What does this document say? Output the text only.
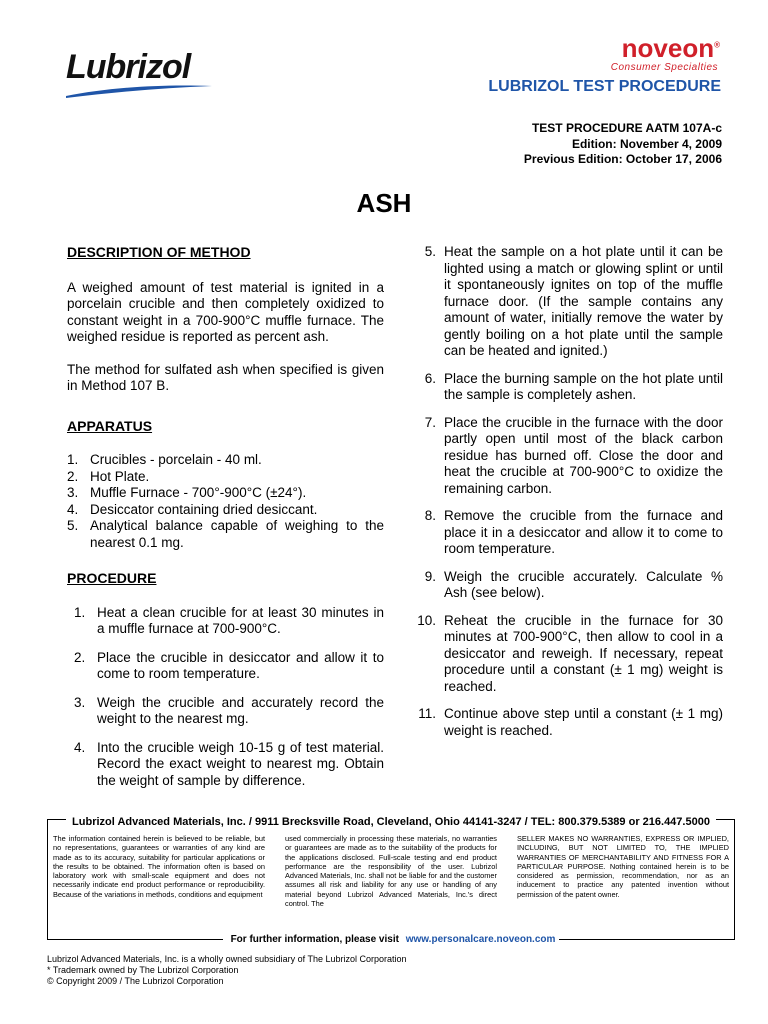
Lubrizol	noveon®
Consumer Specialties
LUBRIZOL TEST PROCEDURE
TEST PROCEDURE AATM 107A-c
Edition: November 4, 2009
Previous Edition: October 17, 2006
ASH
DESCRIPTION OF METHOD

A weighed amount of test material is ignited in a porcelain crucible and then completely oxidized to constant weight in a 700-900°C muffle furnace. The weighed residue is reported as percent ash.

The method for sulfated ash when specified is given in Method 107 B.

APPARATUS
1. Crucibles - porcelain - 40 ml.
2. Hot Plate.
3. Muffle Furnace - 700°-900°C (±24°).
4. Desiccator containing dried desiccant.
5. Analytical balance capable of weighing to the nearest 0.1 mg.
PROCEDURE
1. Heat a clean crucible for at least 30 minutes in a muffle furnace at 700-900°C.
2. Place the crucible in desiccator and allow it to come to room temperature.
3. Weigh the crucible and accurately record the weight to the nearest mg.
4. Into the crucible weigh 10-15 g of test material. Record the exact weight to nearest mg. Obtain the weight of sample by difference.
5. Heat the sample on a hot plate until it can be lighted using a match or glowing splint or until it spontaneously ignites on top of the muffle furnace door. (If the sample contains any amount of water, initially remove the water by gently boiling on a hot plate until the sample can be heated and ignited.)
6. Place the burning sample on the hot plate until the sample is completely ashen.
7. Place the crucible in the furnace with the door partly open until most of the black carbon residue has burned off. Close the door and heat the crucible at 700-900°C to oxidize the remaining carbon.
8. Remove the crucible from the furnace and place it in a desiccator and allow it to come to room temperature.
9. Weigh the crucible accurately. Calculate % Ash (see below).
10. Reheat the crucible in the furnace for 30 minutes at 700-900°C, then allow to cool in a desiccator and reweigh. If necessary, repeat procedure until a constant (± 1 mg) weight is reached.
11. Continue above step until a constant (± 1 mg) weight is reached.
Lubrizol Advanced Materials, Inc. / 9911 Brecksville Road, Cleveland, Ohio 44141-3247 / TEL: 800.379.5389 or 216.447.5000
The information contained herein is believed to be reliable, but no representations, guarantees or warranties of any kind are made as to its accuracy, suitability for particular applications or the results to be obtained. The information often is based on laboratory work with small-scale equipment and does not necessarily indicate end product performance or reproducibility. Because of the variations in methods, conditions and equipment
used commercially in processing these materials, no warranties or guarantees are made as to the suitability of the products for the applications disclosed. Full-scale testing and end product performance are the responsibility of the user. Lubrizol Advanced Materials, Inc. shall not be liable for and the customer assumes all risk and liability for any use or handling of any material beyond Lubrizol Advanced Materials, Inc.'s direct control. The
SELLER MAKES NO WARRANTIES, EXPRESS OR IMPLIED, INCLUDING, BUT NOT LIMITED TO, THE IMPLIED WARRANTIES OF MERCHANTABILITY AND FITNESS FOR A PARTICULAR PURPOSE. Nothing contained herein is to be considered as permission, recommendation, nor as an inducement to practice any patented invention without permission of the patent owner.
For further information, please visit www.personalcare.noveon.com
Lubrizol Advanced Materials, Inc. is a wholly owned subsidiary of The Lubrizol Corporation
* Trademark owned by The Lubrizol Corporation
© Copyright 2009 / The Lubrizol Corporation
